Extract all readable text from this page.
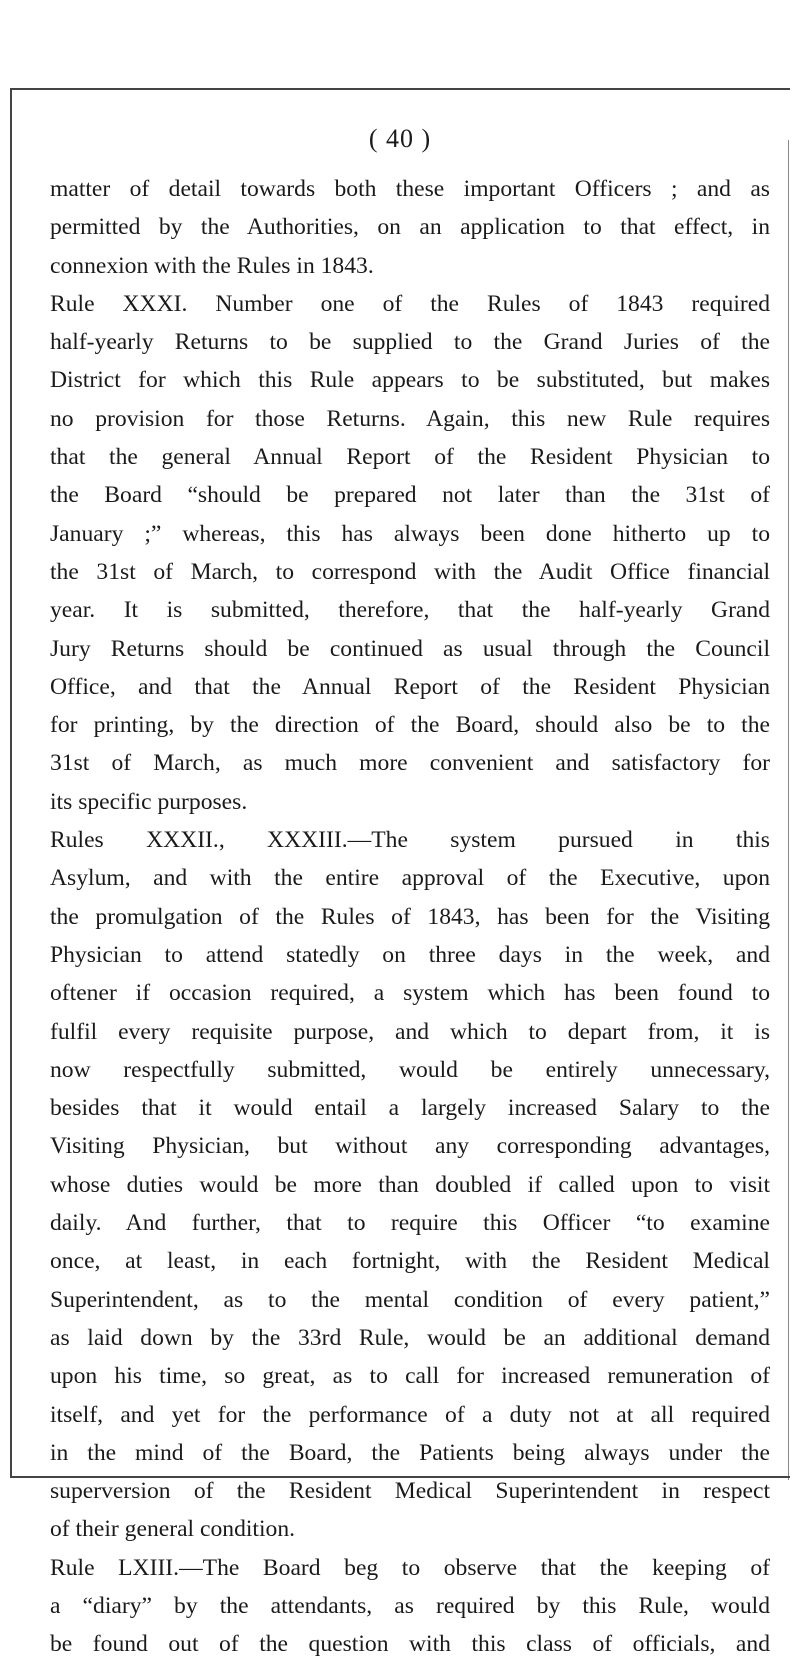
( 40 )
matter of detail towards both these important Officers ; and as
permitted by the Authorities, on an application to that effect, in
connexion with the Rules in 1843.
Rule XXXI. Number one of the Rules of 1843 required
half-yearly Returns to be supplied to the Grand Juries of the
District for which this Rule appears to be substituted, but makes
no provision for those Returns. Again, this new Rule requires
that the general Annual Report of the Resident Physician to
the Board “should be prepared not later than the 31st of
January ;” whereas, this has always been done hitherto up to
the 31st of March, to correspond with the Audit Office financial
year. It is submitted, therefore, that the half-yearly Grand
Jury Returns should be continued as usual through the Council
Office, and that the Annual Report of the Resident Physician
for printing, by the direction of the Board, should also be to the
31st of March, as much more convenient and satisfactory for
its specific purposes.
Rules XXXII., XXXIII.—The system pursued in this
Asylum, and with the entire approval of the Executive, upon
the promulgation of the Rules of 1843, has been for the Visiting
Physician to attend statedly on three days in the week, and
oftener if occasion required, a system which has been found to
fulfil every requisite purpose, and which to depart from, it is
now respectfully submitted, would be entirely unnecessary,
besides that it would entail a largely increased Salary to the
Visiting Physician, but without any corresponding advantages,
whose duties would be more than doubled if called upon to visit
daily. And further, that to require this Officer “to examine
once, at least, in each fortnight, with the Resident Medical
Superintendent, as to the mental condition of every patient,”
as laid down by the 33rd Rule, would be an additional demand
upon his time, so great, as to call for increased remuneration of
itself, and yet for the performance of a duty not at all required
in the mind of the Board, the Patients being always under the
superversion of the Resident Medical Superintendent in respect
of their general condition.
Rule LXIII.—The Board beg to observe that the keeping of
a “diary” by the attendants, as required by this Rule, would
be found out of the question with this class of officials, and
